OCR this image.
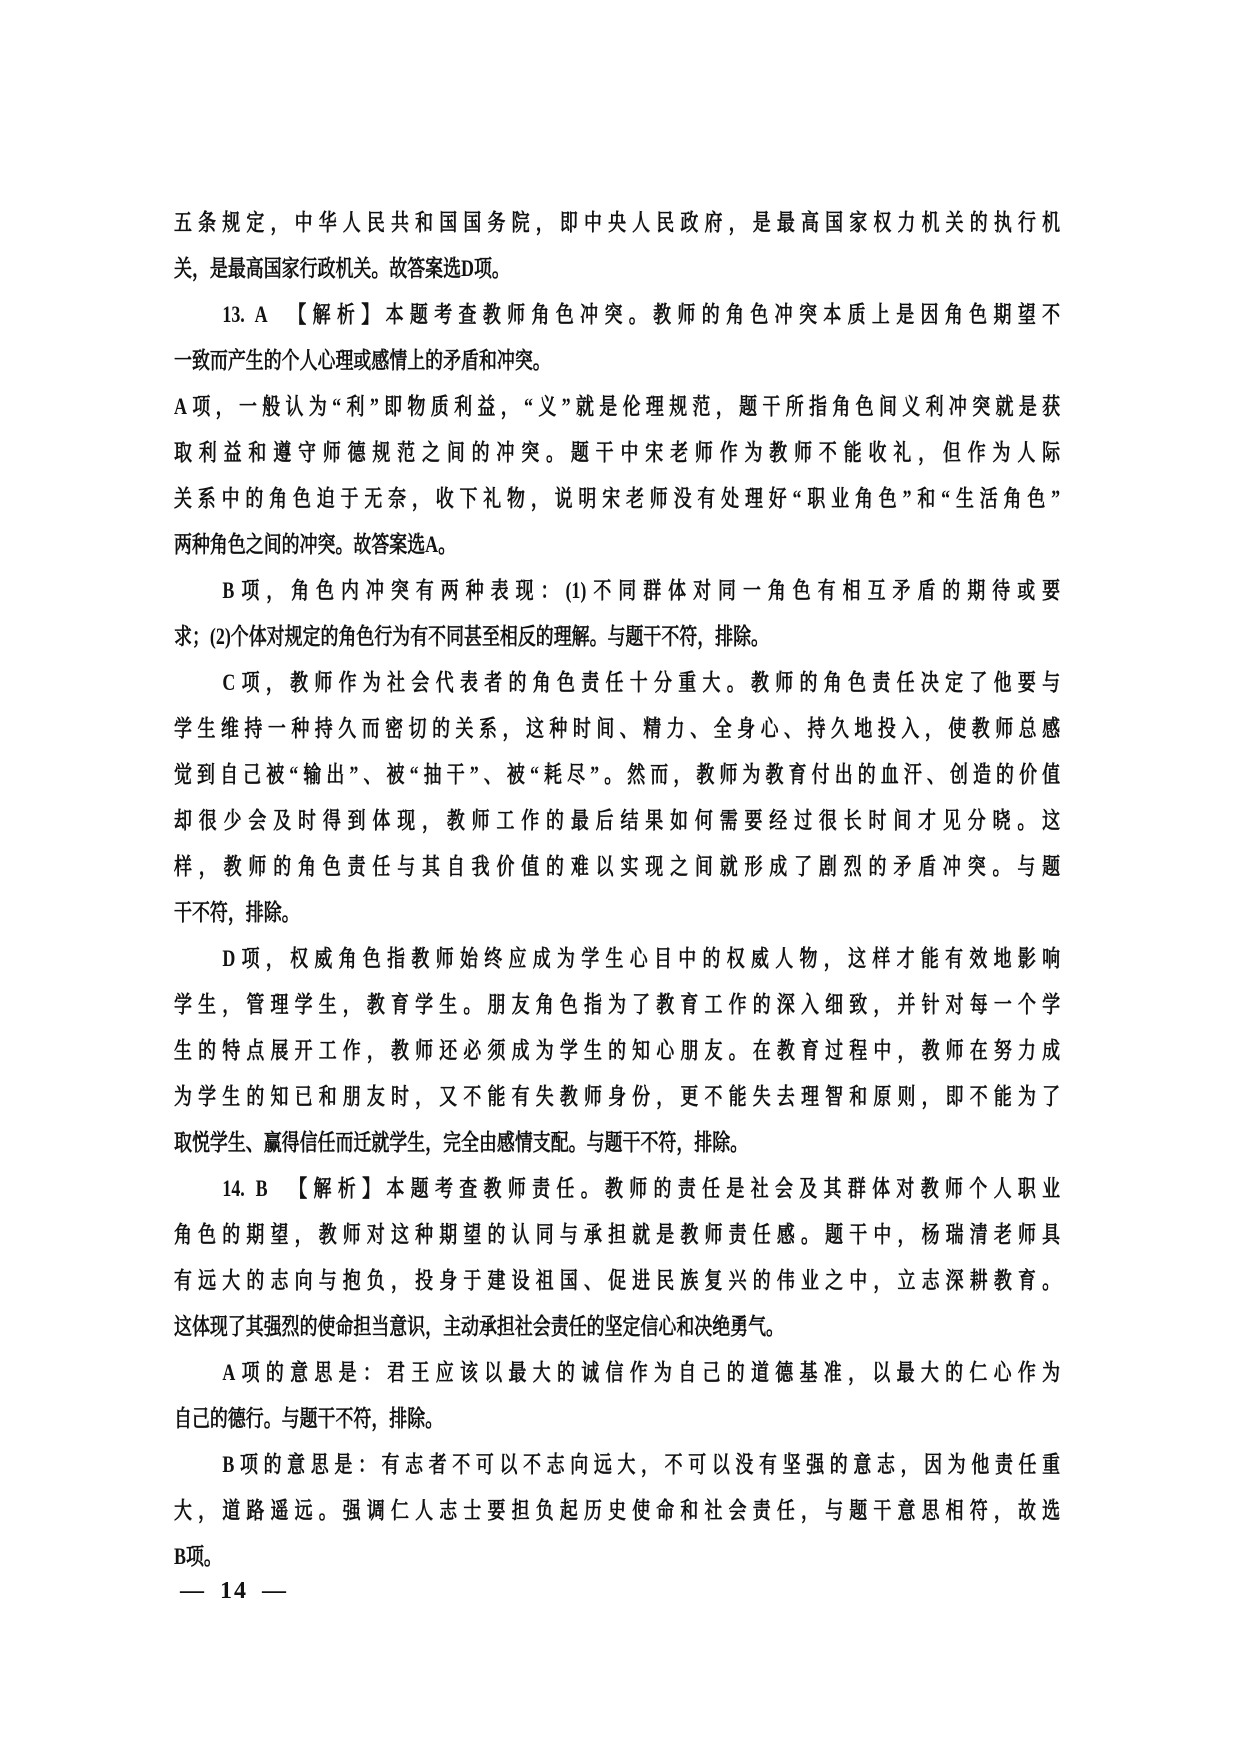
五条规定，中华人民共和国国务院，即中央人民政府，是最高国家权力机关的执行机
关，是最高国家行政机关。故答案选D项。
13. A　【解析】本题考查教师角色冲突。教师的角色冲突本质上是因角色期望不
一致而产生的个人心理或感情上的矛盾和冲突。
A项，一般认为“利”即物质利益，“义”就是伦理规范，题干所指角色间义利冲突就是获
取利益和遵守师德规范之间的冲突。题干中宋老师作为教师不能收礼，但作为人际
关系中的角色迫于无奈，收下礼物，说明宋老师没有处理好“职业角色”和“生活角色”
两种角色之间的冲突。故答案选A。
B项，角色内冲突有两种表现：(1)不同群体对同一角色有相互矛盾的期待或要
求；(2)个体对规定的角色行为有不同甚至相反的理解。与题干不符，排除。
C项，教师作为社会代表者的角色责任十分重大。教师的角色责任决定了他要与
学生维持一种持久而密切的关系，这种时间、精力、全身心、持久地投入，使教师总感
觉到自己被“输出”、被“抽干”、被“耗尽”。然而，教师为教育付出的血汗、创造的价值
却很少会及时得到体现，教师工作的最后结果如何需要经过很长时间才见分晓。这
样，教师的角色责任与其自我价值的难以实现之间就形成了剧烈的矛盾冲突。与题
干不符，排除。
D项，权威角色指教师始终应成为学生心目中的权威人物，这样才能有效地影响
学生，管理学生，教育学生。朋友角色指为了教育工作的深入细致，并针对每一个学
生的特点展开工作，教师还必须成为学生的知心朋友。在教育过程中，教师在努力成
为学生的知已和朋友时，又不能有失教师身份，更不能失去理智和原则，即不能为了
取悦学生、赢得信任而迁就学生，完全由感情支配。与题干不符，排除。
14. B　【解析】本题考查教师责任。教师的责任是社会及其群体对教师个人职业
角色的期望，教师对这种期望的认同与承担就是教师责任感。题干中，杨瑞清老师具
有远大的志向与抱负，投身于建设祖国、促进民族复兴的伟业之中，立志深耕教育。
这体现了其强烈的使命担当意识，主动承担社会责任的坚定信心和决绝勇气。
A项的意思是：君王应该以最大的诚信作为自己的道德基准，以最大的仁心作为
自己的德行。与题干不符，排除。
B项的意思是：有志者不可以不志向远大，不可以没有坚强的意志，因为他责任重
大，道路遥远。强调仁人志士要担负起历史使命和社会责任，与题干意思相符，故选
B项。
— 14 —
